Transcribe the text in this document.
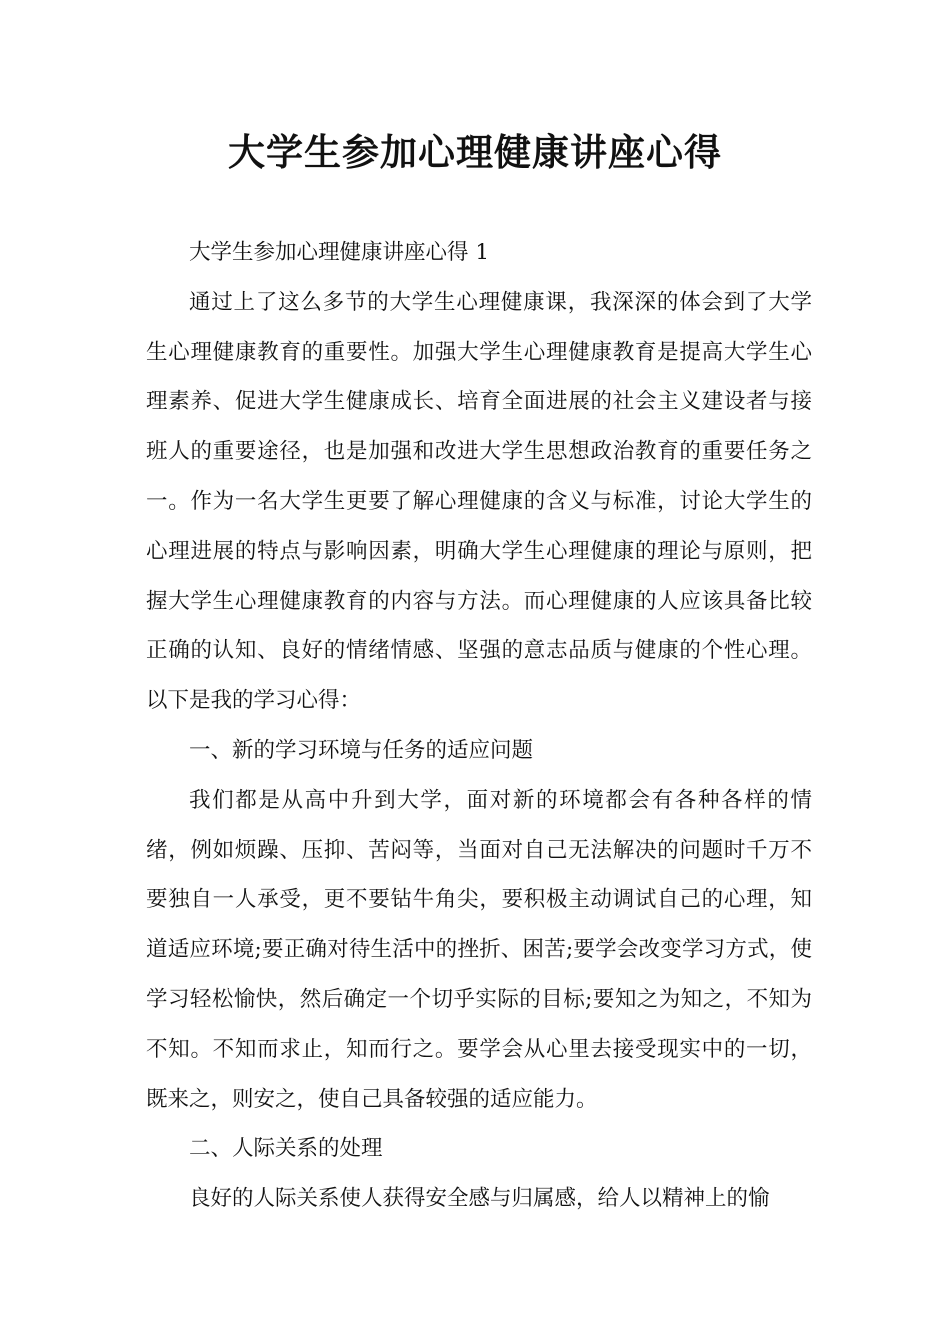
大学生参加心理健康讲座心得

大学生参加心理健康讲座心得 1

通过上了这么多节的大学生心理健康课，我深深的体会到了大学生心理健康教育的重要性。加强大学生心理健康教育是提高大学生心理素养、促进大学生健康成长、培育全面进展的社会主义建设者与接班人的重要途径，也是加强和改进大学生思想政治教育的重要任务之一。作为一名大学生更要了解心理健康的含义与标准，讨论大学生的心理进展的特点与影响因素，明确大学生心理健康的理论与原则，把握大学生心理健康教育的内容与方法。而心理健康的人应该具备比较正确的认知、良好的情绪情感、坚强的意志品质与健康的个性心理。 以下是我的学习心得：

一、新的学习环境与任务的适应问题

我们都是从高中升到大学，面对新的环境都会有各种各样的情绪，例如烦躁、压抑、苦闷等，当面对自己无法解决的问题时千万不要独自一人承受，更不要钻牛角尖，要积极主动调试自己的心理，知道适应环境;要正确对待生活中的挫折、困苦;要学会改变学习方式，使学习轻松愉快，然后确定一个切乎实际的目标;要知之为知之，不知为不知。不知而求止，知而行之。要学会从心里去接受现实中的一切，既来之，则安之，使自己具备较强的适应能力。

二、人际关系的处理

良好的人际关系使人获得安全感与归属感，给人以精神上的愉
